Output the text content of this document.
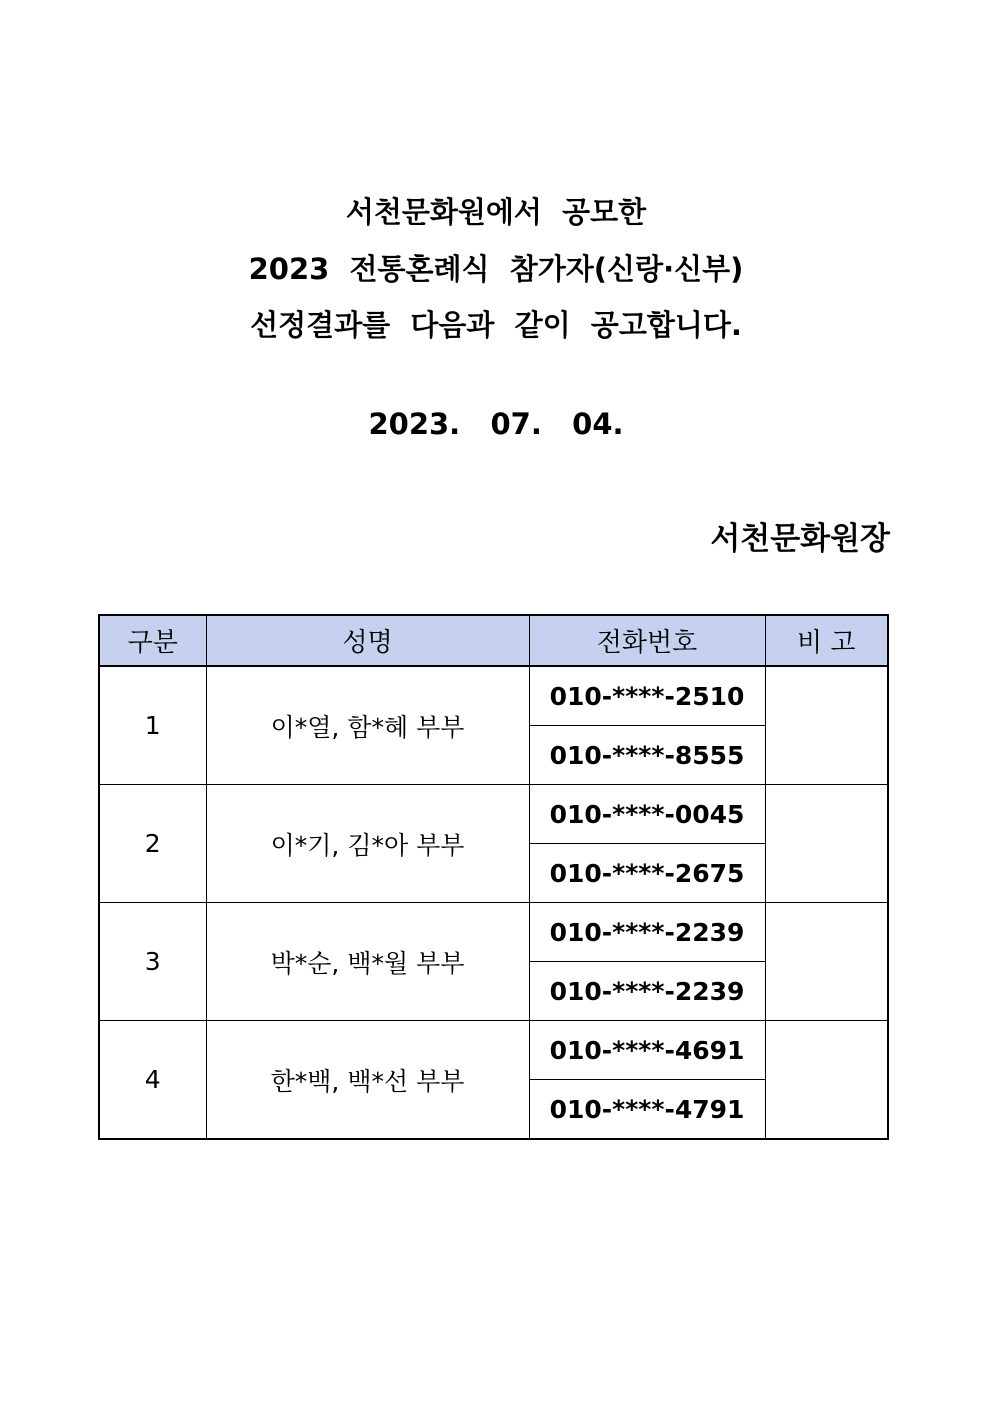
서천문화원에서  공모한
2023  전통혼례식  참가자(신랑·신부)
선정결과를  다음과  같이  공고합니다.
2023.   07.   04.
서천문화원장
구분	성명	전화번호	비 고
1	이*열, 함*혜 부부	010-****-2510	
		010-****-8555	
2	이*기, 김*아 부부	010-****-0045	
		010-****-2675	
3	박*순, 백*월 부부	010-****-2239	
		010-****-2239	
4	한*백, 백*선 부부	010-****-4691	
		010-****-4791	
